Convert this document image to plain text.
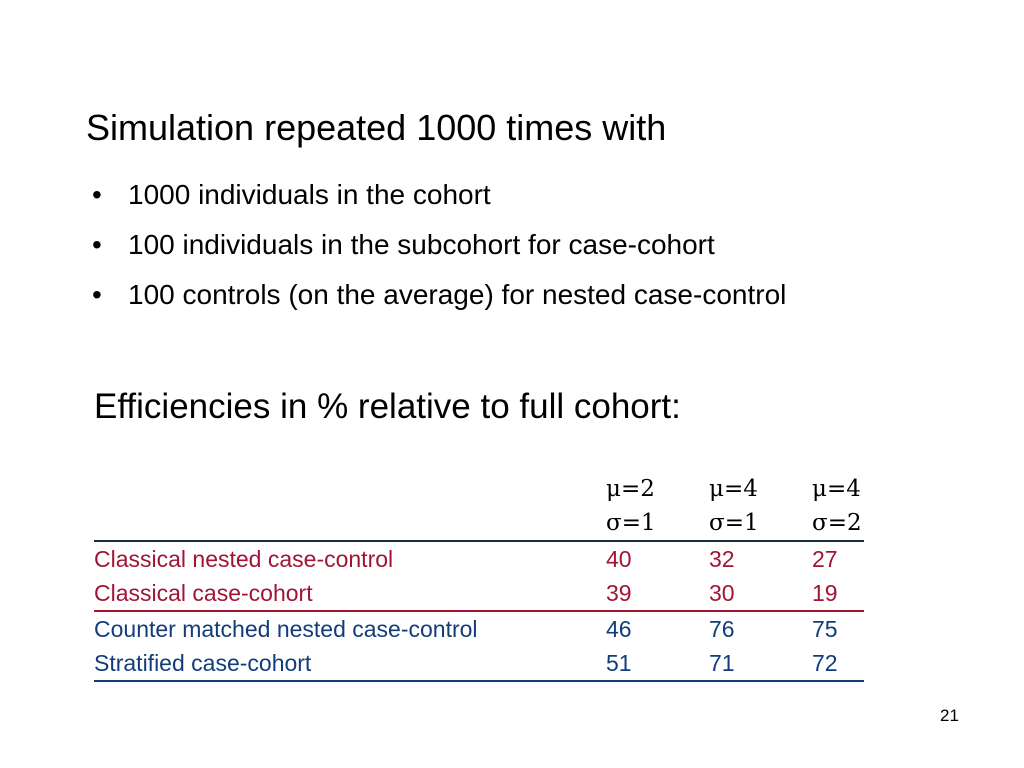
Simulation repeated 1000 times with
• 1000 individuals in the cohort
• 100 individuals in the subcohort for case-cohort
• 100 controls (on the average) for nested case-control
Efficiencies in % relative to full cohort:
	μ=2	μ=4	μ=4
	σ=1	σ=1	σ=2
Classical nested case-control	40	32	27
Classical case-cohort	39	30	19
Counter matched nested case-control	46	76	75
Stratified case-cohort	51	71	72
21
